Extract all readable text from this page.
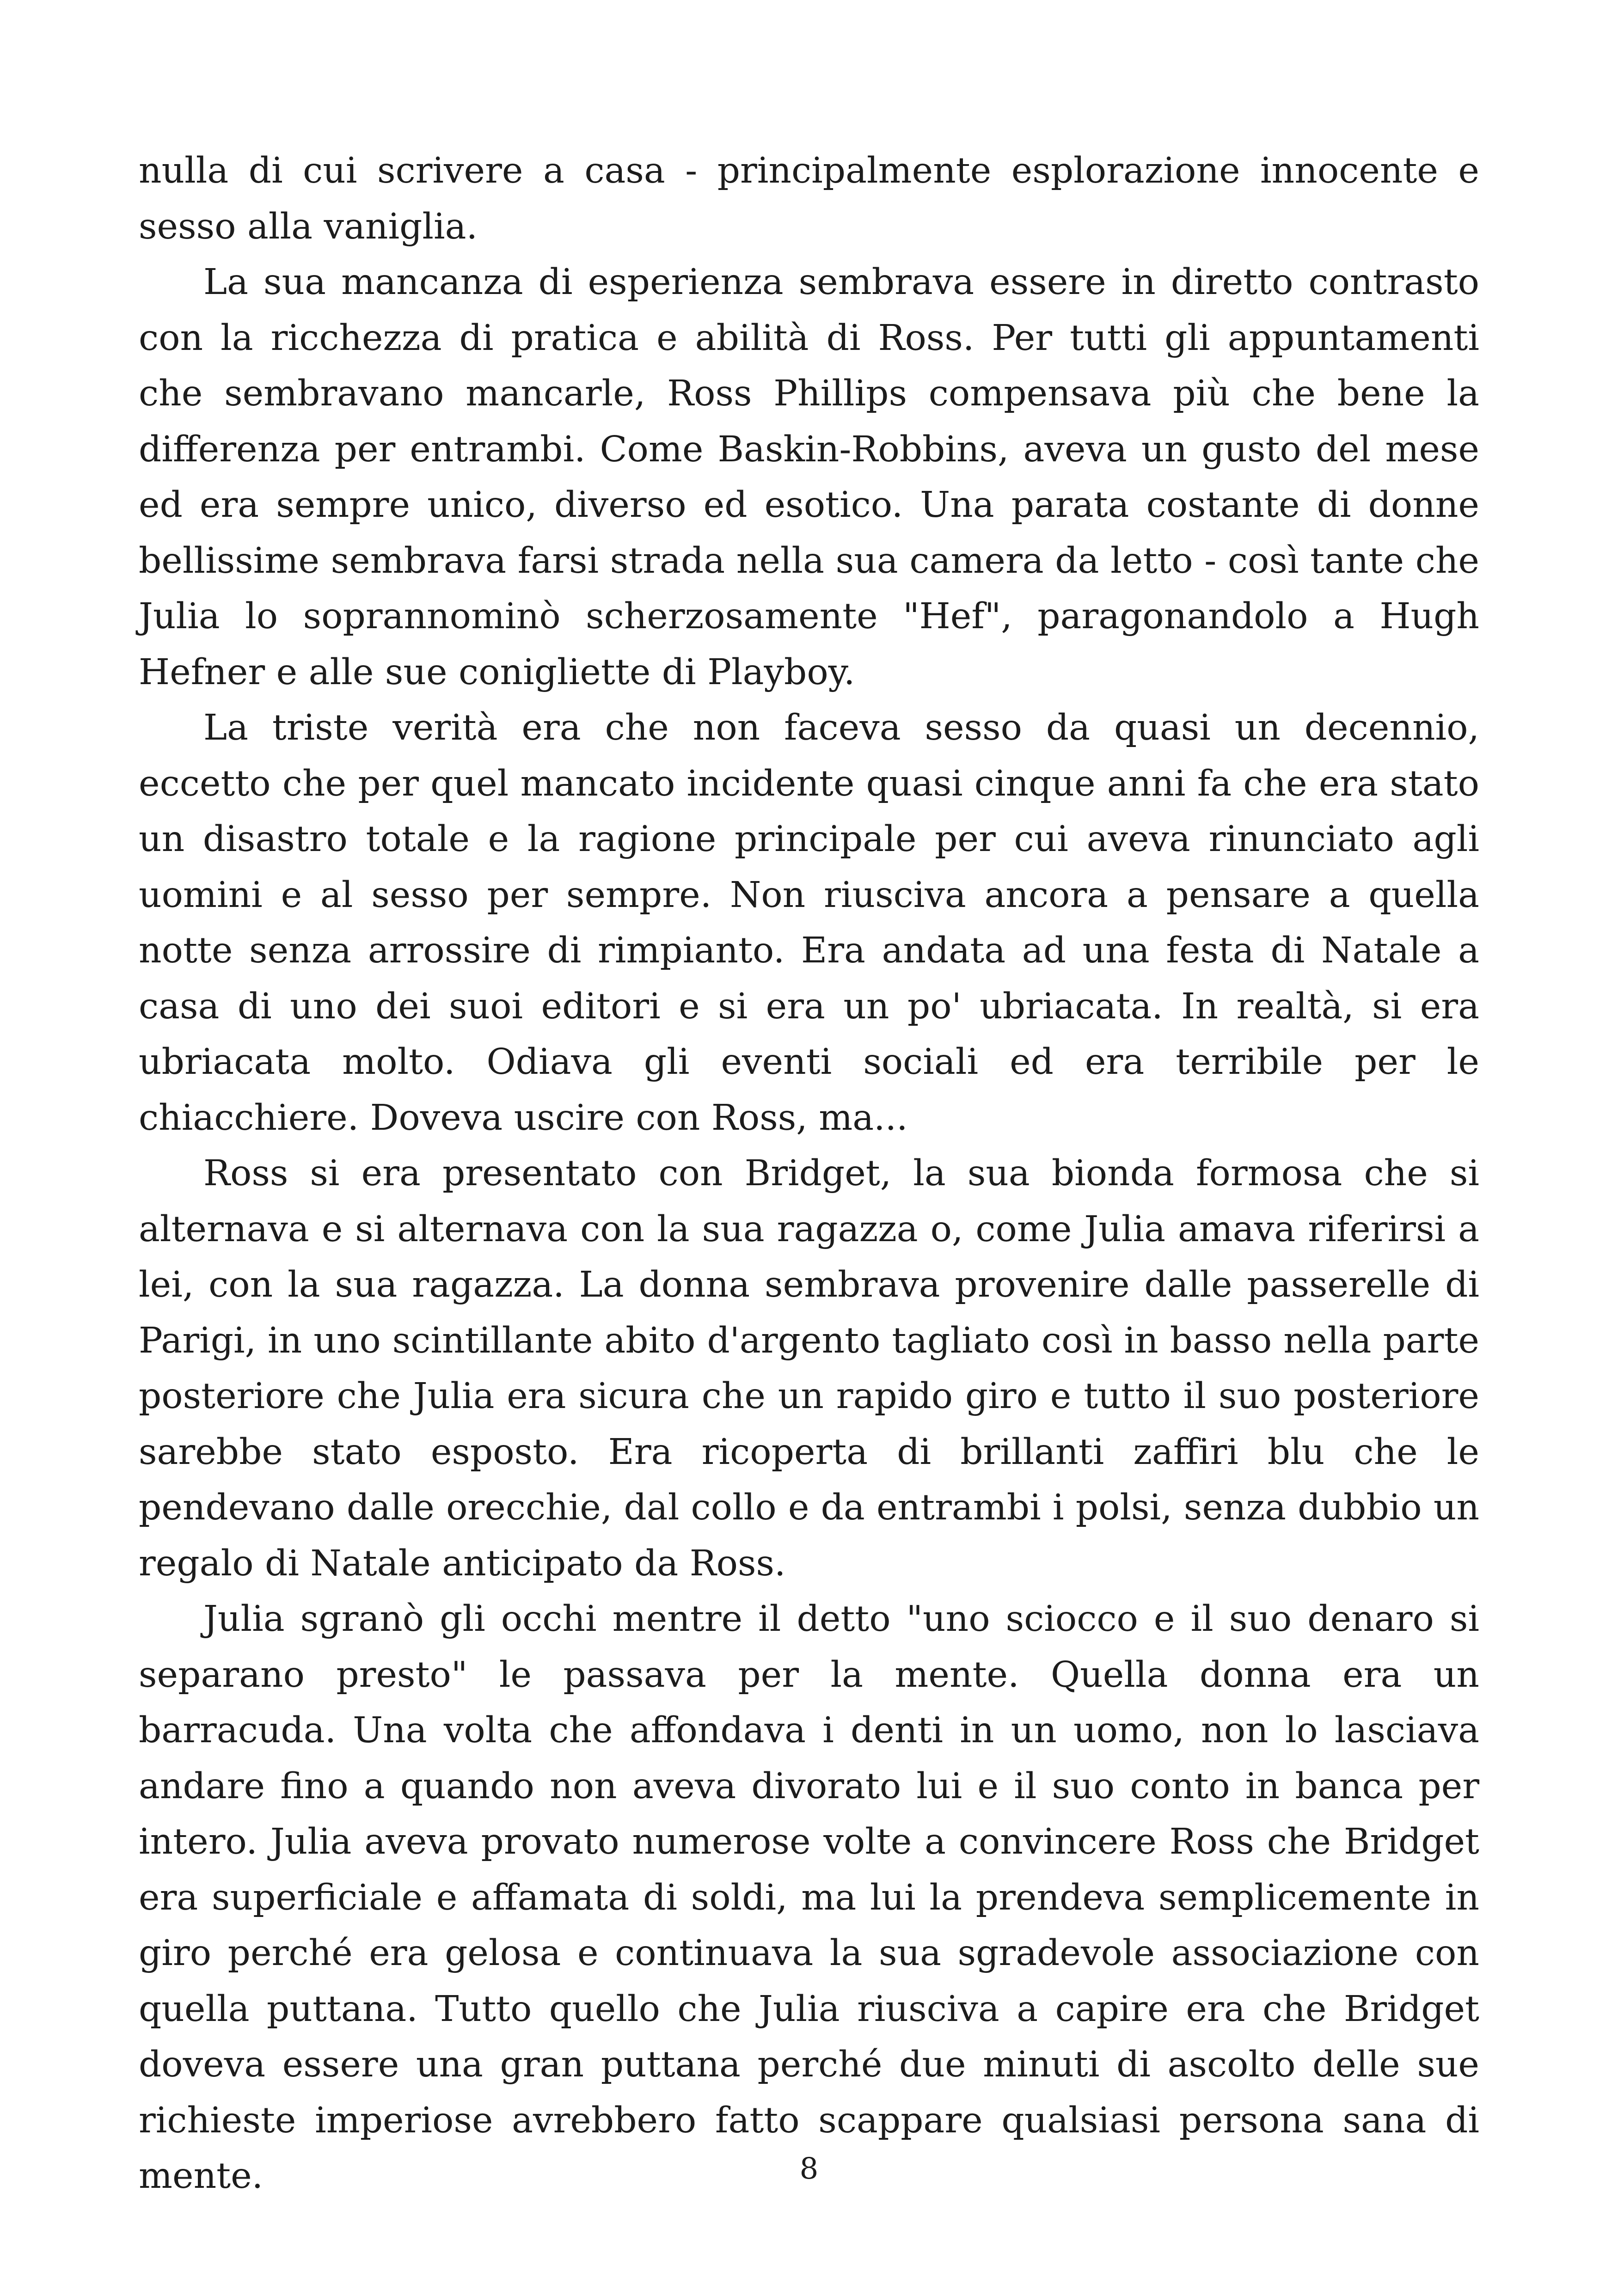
nulla di cui scrivere a casa - principalmente esplorazione innocente e sesso alla vaniglia.

La sua mancanza di esperienza sembrava essere in diretto contrasto con la ricchezza di pratica e abilità di Ross. Per tutti gli appuntamenti che sembravano mancarle, Ross Phillips compensava più che bene la differenza per entrambi. Come Baskin-Robbins, aveva un gusto del mese ed era sempre unico, diverso ed esotico. Una parata costante di donne bellissime sembrava farsi strada nella sua camera da letto - così tante che Julia lo soprannominò scherzosamente "Hef", paragonandolo a Hugh Hefner e alle sue conigliette di Playboy.

La triste verità era che non faceva sesso da quasi un decennio, eccetto che per quel mancato incidente quasi cinque anni fa che era stato un disastro totale e la ragione principale per cui aveva rinunciato agli uomini e al sesso per sempre. Non riusciva ancora a pensare a quella notte senza arrossire di rimpianto. Era andata ad una festa di Natale a casa di uno dei suoi editori e si era un po' ubriacata. In realtà, si era ubriacata molto. Odiava gli eventi sociali ed era terribile per le chiacchiere. Doveva uscire con Ross, ma...

Ross si era presentato con Bridget, la sua bionda formosa che si alternava e si alternava con la sua ragazza o, come Julia amava riferirsi a lei, con la sua ragazza. La donna sembrava provenire dalle passerelle di Parigi, in uno scintillante abito d'argento tagliato così in basso nella parte posteriore che Julia era sicura che un rapido giro e tutto il suo posteriore sarebbe stato esposto. Era ricoperta di brillanti zaffiri blu che le pendevano dalle orecchie, dal collo e da entrambi i polsi, senza dubbio un regalo di Natale anticipato da Ross.

Julia sgranò gli occhi mentre il detto "uno sciocco e il suo denaro si separano presto" le passava per la mente. Quella donna era un barracuda. Una volta che affondava i denti in un uomo, non lo lasciava andare fino a quando non aveva divorato lui e il suo conto in banca per intero. Julia aveva provato numerose volte a convincere Ross che Bridget era superficiale e affamata di soldi, ma lui la prendeva semplicemente in giro perché era gelosa e continuava la sua sgradevole associazione con quella puttana. Tutto quello che Julia riusciva a capire era che Bridget doveva essere una gran puttana perché due minuti di ascolto delle sue richieste imperiose avrebbero fatto scappare qualsiasi persona sana di mente.	8
